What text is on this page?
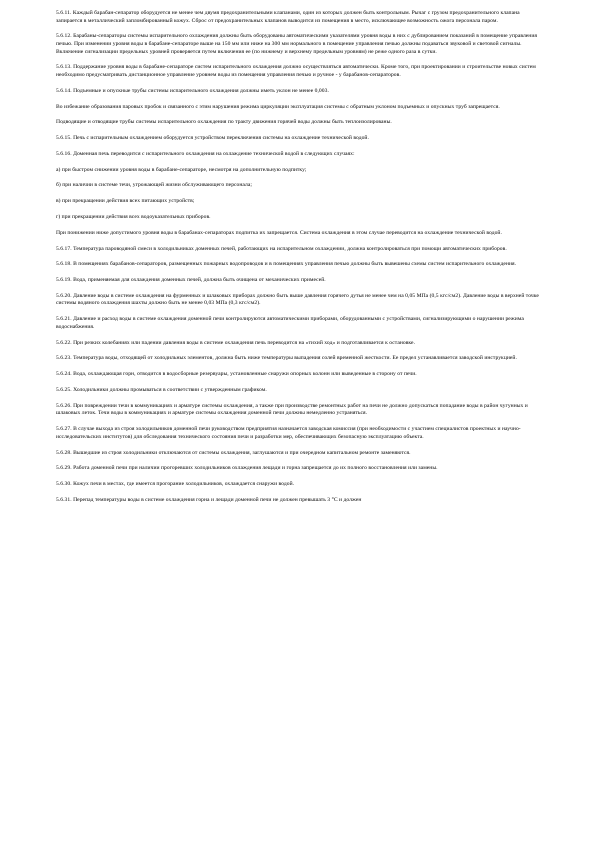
5.6.11. Каждый барабан-сепаратор оборудуется не менее чем двумя предохранительными клапанами, один из которых должен быть контрольным. Рычаг с грузом предохранительного клапана запирается в металлический запломбированный кожух. Сброс от предохранительных клапанов выводится из помещения в место, исключающее возможность ожога персонала паром.

5.6.12. Барабаны-сепараторы системы испарительного охлаждения должны быть оборудованы автоматическими указателями уровня воды в них с дублированием показаний в помещение управления печью. При изменении уровня воды в барабане-сепараторе выше на 150 мм или ниже на 300 мм нормального в помещение управления печью должны подаваться звуковой и световой сигналы. Включение сигнализации предельных уровней проверяется путем включения ее (по нижнему и верхнему предельным уровням) не реже одного раза в сутки.

5.6.13. Поддержание уровня воды в барабане-сепараторе систем испарительного охлаждения должно осуществляться автоматически. Кроме того, при проектировании и строительстве новых систем необходимо предусматривать дистанционное управление уровнем воды из помещения управления печью и ручное - у барабанов-сепараторов.

5.6.14. Подъемные и опускные трубы системы испарительного охлаждения должны иметь уклон не менее 0,003.

Во избежание образования паровых пробок и связанного с этим нарушения режима циркуляции эксплуатация системы с обратным уклоном подъемных и опускных труб запрещается.

Подводящие и отводящие трубы системы испарительного охлаждения по тракту движения горячей воды должны быть теплоизолированы.

5.6.15. Печь с испарительным охлаждением оборудуется устройством переключения системы на охлаждение технической водой.

5.6.16. Доменная печь переводится с испарительного охлаждения на охлаждение технической водой в следующих случаях:

а) при быстром снижении уровня воды в барабане-сепараторе, несмотря на дополнительную подпитку;

б) при наличии в системе течи, угрожающей жизни обслуживающего персонала;

в) при прекращении действия всех питающих устройств;

г) при прекращении действия всех водоуказательных приборов.

При понижении ниже допустимого уровня воды в барабанах-сепараторах подпитка их запрещается. Система охлаждения в этом случае переводится на охлаждение технической водой.

5.6.17. Температура пароводяной смеси в холодильниках доменных печей, работающих на испарительном охлаждении, должна контролироваться при помощи автоматических приборов.

5.6.18. В помещениях барабанов-сепараторов, размещенных пожарных водопроводов и в помещениях управления печью должны быть вывешены схемы систем испарительного охлаждения.

5.6.19. Вода, применяемая для охлаждения доменных печей, должна быть очищена от механических примесей.

5.6.20. Давление воды в системе охлаждения на фурменных и шлаковых приборах должно быть выше давления горячего дутья не менее чем на 0,05 МПа (0,5 кгс/см2). Давление воды в верхней точке системы водяного охлаждения шахты должно быть не менее 0,03 МПа (0,3 кгс/см2).

5.6.21. Давление и расход воды в системе охлаждения доменной печи контролируются автоматическими приборами, оборудованными с устройствами, сигнализирующими о нарушении режима водоснабжения.

5.6.22. При резких колебаниях или падении давления воды в системе охлаждения печь переводится на «тихий ход» и подготавливается к остановке.

5.6.23. Температура воды, отходящей от холодильных элементов, должна быть ниже температуры выпадения солей временной жесткости. Ее предел устанавливается заводской инструкцией.

5.6.24. Вода, охлаждающая горн, отводится в водосборные резервуары, установленные снаружи опорных колонн или выведенные в сторону от печи.

5.6.25. Холодильники должны промываться в соответствии с утвержденным графиком.

5.6.26. При повреждении течи в коммуникациях и арматуре системы охлаждения, а также при производстве ремонтных работ на печи не должно допускаться попадание воды в район чугунных и шлаковых леток. Течи воды в коммуникациях и арматуре системы охлаждения доменной печи должны немедленно устраняться.

5.6.27. В случае выхода из строя холодильников доменной печи руководством предприятия назначается заводская комиссия (при необходимости с участием специалистов проектных и научно-исследовательских институтов) для обследования технического состояния печи и разработки мер, обеспечивающих безопасную эксплуатацию объекта.

5.6.28. Вышедшие из строя холодильники отключаются от системы охлаждения, заглушаются и при очередном капитальном ремонте заменяются.

5.6.29. Работа доменной печи при наличии прогоревших холодильников охлаждения лещади и горна запрещается до их полного восстановления или замены.

5.6.30. Кожух печи в местах, где имеется прогорание холодильников, охлаждается снаружи водой.

5.6.31. Перепад температуры воды в системе охлаждения горна и лещади доменной печи не должен превышать 3 °С и должен
